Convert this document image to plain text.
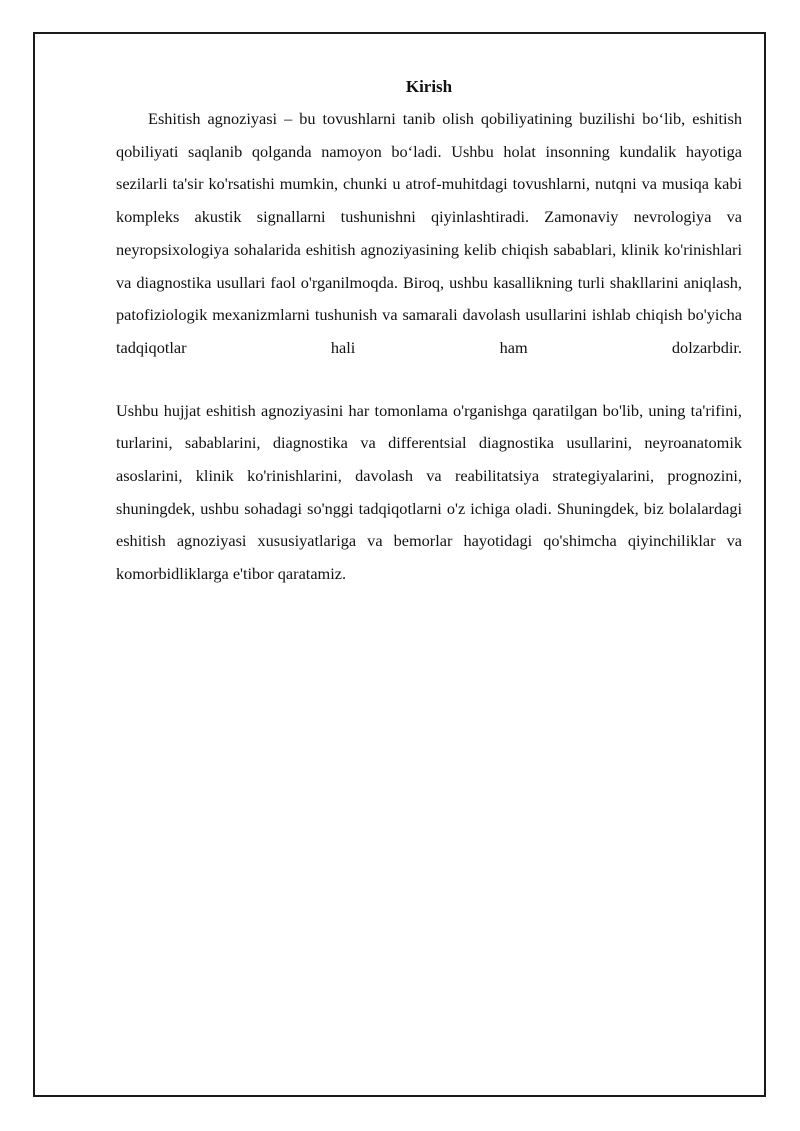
Kirish

Eshitish agnoziyasi – bu tovushlarni tanib olish qobiliyatining buzilishi bo‘lib, eshitish qobiliyati saqlanib qolganda namoyon bo‘ladi. Ushbu holat insonning kundalik hayotiga sezilarli ta'sir ko'rsatishi mumkin, chunki u atrof-muhitdagi tovushlarni, nutqni va musiqa kabi kompleks akustik signallarni tushunishni qiyinlashtiradi. Zamonaviy nevrologiya va neyropsixologiya sohalarida eshitish agnoziyasining kelib chiqish sabablari, klinik ko'rinishlari va diagnostika usullari faol o'rganilmoqda. Biroq, ushbu kasallikning turli shakllarini aniqlash, patofiziologik mexanizmlarni tushunish va samarali davolash usullarini ishlab chiqish bo'yicha tadqiqotlar hali ham dolzarbdir.

Ushbu hujjat eshitish agnoziyasini har tomonlama o'rganishga qaratilgan bo'lib, uning ta'rifini, turlarini, sabablarini, diagnostika va differentsial diagnostika usullarini, neyroanatomik asoslarini, klinik ko'rinishlarini, davolash va reabilitatsiya strategiyalarini, prognozini, shuningdek, ushbu sohadagi so'nggi tadqiqotlarni o'z ichiga oladi. Shuningdek, biz bolalardagi eshitish agnoziyasi xususiyatlariga va bemorlar hayotidagi qo'shimcha qiyinchiliklar va komorbidliklarga e'tibor qaratamiz.
